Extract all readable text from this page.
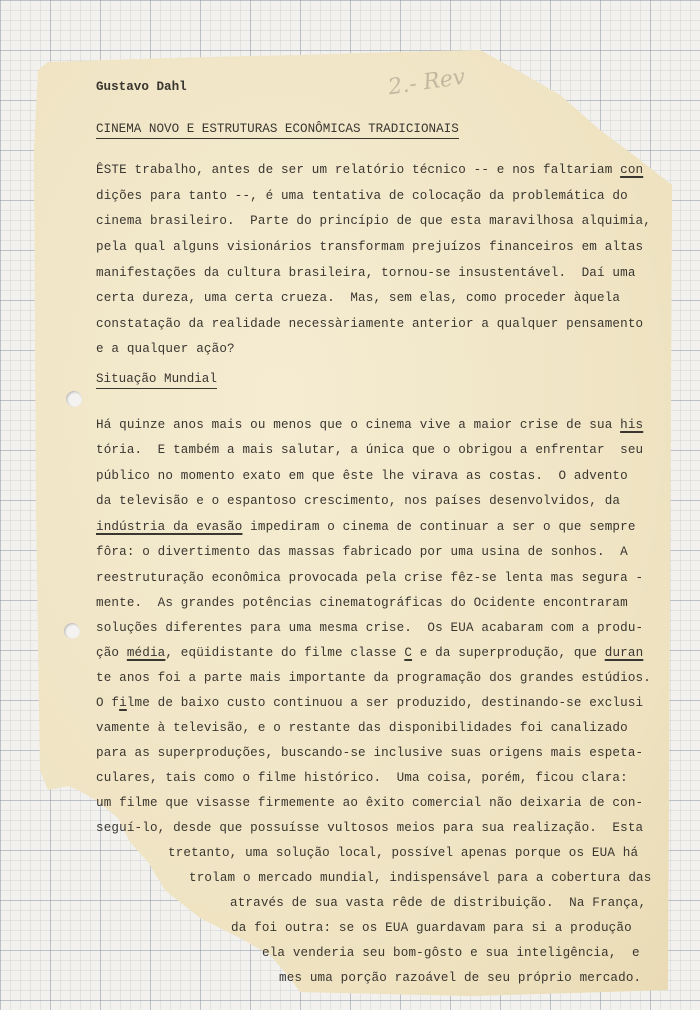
2.- Rev
Gustavo Dahl
CINEMA NOVO E ESTRUTURAS ECONÔMICAS TRADICIONAIS
ÊSTE trabalho, antes de ser um relatório técnico -- e nos faltariam con
dições para tanto --, é uma tentativa de colocação da problemática do
cinema brasileiro.  Parte do princípio de que esta maravilhosa alquimia,
pela qual alguns visionários transformam prejuízos financeiros em altas
manifestações da cultura brasileira, tornou-se insustentável.  Daí uma
certa dureza, uma certa crueza.  Mas, sem elas, como proceder àquela
constatação da realidade necessàriamente anterior a qualquer pensamento
e a qualquer ação?
Situação Mundial
Há quinze anos mais ou menos que o cinema vive a maior crise de sua his
tória.  E também a mais salutar, a única que o obrigou a enfrentar  seu
público no momento exato em que êste lhe virava as costas.  O advento
da televisão e o espantoso crescimento, nos países desenvolvidos, da
indústria da evasão impediram o cinema de continuar a ser o que sempre
fôra: o divertimento das massas fabricado por uma usina de sonhos.  A
reestruturação econômica provocada pela crise fêz-se lenta mas segura -
mente.  As grandes potências cinematográficas do Ocidente encontraram
soluções diferentes para uma mesma crise.  Os EUA acabaram com a produ-
ção média, eqüidistante do filme classe C e da superprodução, que duran
te anos foi a parte mais importante da programação dos grandes estúdios.
O filme de baixo custo continuou a ser produzido, destinando-se exclusi
vamente à televisão, e o restante das disponibilidades foi canalizado
para as superproduções, buscando-se inclusive suas origens mais espeta-
culares, tais como o filme histórico.  Uma coisa, porém, ficou clara:
um filme que visasse firmemente ao êxito comercial não deixaria de con-
seguí-lo, desde que possuísse vultosos meios para sua realização.  Esta
tretanto, uma solução local, possível apenas porque os EUA há
trolam o mercado mundial, indispensável para a cobertura das
através de sua vasta rêde de distribuição.  Na França,
da foi outra: se os EUA guardavam para si a produção
ela venderia seu bom-gôsto e sua inteligência,  e
mes uma porção razoável de seu próprio mercado.
